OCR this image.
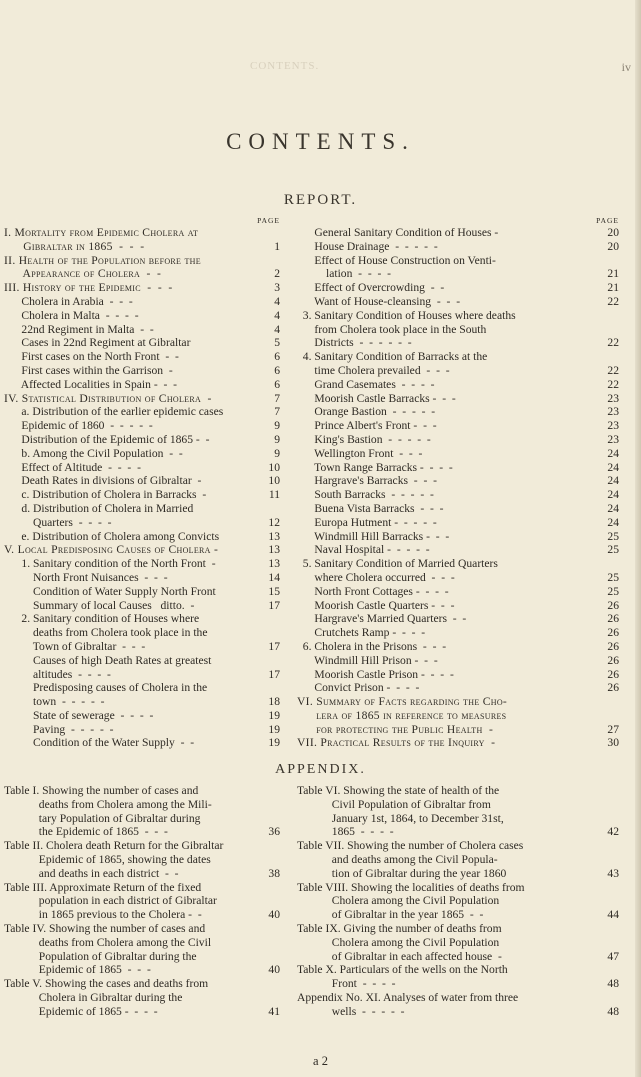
CONTENTS.	iv
CONTENTS.
REPORT.
PAGE
I. Mortality from Epidemic Cholera at
Gibraltar in 1865  -  -  -	1
II. Health of the Population before the
Appearance of Cholera  -  -	2
III. History of the Epidemic  -  -  -	3
Cholera in Arabia  -  -  -	4
Cholera in Malta  -  -  -  -	4
22nd Regiment in Malta  -  -	4
Cases in 22nd Regiment at Gibraltar	5
First cases on the North Front  -  -	6
First cases within the Garrison  -	6
Affected Localities in Spain -  -  -	6
IV. Statistical Distribution of Cholera  -	7
a. Distribution of the earlier epidemic cases	7
Epidemic of 1860  -  -  -  -  -	9
Distribution of the Epidemic of 1865 -  -	9
b. Among the Civil Population  -  -	9
Effect of Altitude  -  -  -  -	10
Death Rates in divisions of Gibraltar  -	10
c. Distribution of Cholera in Barracks  -	11
d. Distribution of Cholera in Married
Quarters  -  -  -  -	12
e. Distribution of Cholera among Convicts	13
V. Local Predisposing Causes of Cholera -	13
1. Sanitary condition of the North Front  -	13
North Front Nuisances  -  -  -	14
Condition of Water Supply North Front	15
Summary of local Causes   ditto.  -	17
2. Sanitary condition of Houses where
deaths from Cholera took place in the
Town of Gibraltar  -  -  -	17
Causes of high Death Rates at greatest
altitudes  -  -  -  -	17
Predisposing causes of Cholera in the
town  -  -  -  -  -	18
State of sewerage  -  -  -  -	19
Paving  -  -  -  -  -	19
Condition of the Water Supply  -  -	19
PAGE
General Sanitary Condition of Houses -	20
House Drainage  -  -  -  -  -	20
Effect of House Construction on Venti-
lation  -  -  -  -	21
Effect of Overcrowding  -  -	21
Want of House-cleansing  -  -  -	22
3. Sanitary Condition of Houses where deaths
from Cholera took place in the South
Districts  -  -  -  -  -  -	22
4. Sanitary Condition of Barracks at the
time Cholera prevailed  -  -  -	22
Grand Casemates  -  -  -  -	22
Moorish Castle Barracks -  -  -	23
Orange Bastion  -  -  -  -  -	23
Prince Albert's Front -  -  -	23
King's Bastion  -  -  -  -  -	23
Wellington Front  -  -  -	24
Town Range Barracks -  -  -  -	24
Hargrave's Barracks  -  -  -	24
South Barracks  -  -  -  -  -	24
Buena Vista Barracks  -  -  -	24
Europa Hutment -  -  -  -  -	24
Windmill Hill Barracks -  -  -	25
Naval Hospital -  -  -  -  -	25
5. Sanitary Condition of Married Quarters
where Cholera occurred  -  -  -	25
North Front Cottages -  -  -  -	25
Moorish Castle Quarters -  -  -	26
Hargrave's Married Quarters  -  -	26
Crutchets Ramp -  -  -  -	26
6. Cholera in the Prisons  -  -  -	26
Windmill Hill Prison -  -  -	26
Moorish Castle Prison -  -  -  -	26
Convict Prison -  -  -  -	26
VI. Summary of Facts regarding the Cho-
lera of 1865 in reference to measures
for protecting the Public Health  -	27
VII. Practical Results of the Inquiry  -	30
APPENDIX.
Table I. Showing the number of cases and
deaths from Cholera among the Mili-
tary Population of Gibraltar during
the Epidemic of 1865  -  -  -	36
Table II. Cholera death Return for the Gibraltar
Epidemic of 1865, showing the dates
and deaths in each district  -  -	38
Table III. Approximate Return of the fixed
population in each district of Gibraltar
in 1865 previous to the Cholera -  -	40
Table IV. Showing the number of cases and
deaths from Cholera among the Civil
Population of Gibraltar during the
Epidemic of 1865  -  -  -	40
Table V. Showing the cases and deaths from
Cholera in Gibraltar during the
Epidemic of 1865 -  -  -  -	41
Table VI. Showing the state of health of the
Civil Population of Gibraltar from
January 1st, 1864, to December 31st,
1865  -  -  -  -	42
Table VII. Showing the number of Cholera cases
and deaths among the Civil Popula-
tion of Gibraltar during the year 1860	43
Table VIII. Showing the localities of deaths from
Cholera among the Civil Population
of Gibraltar in the year 1865  -  -	44
Table IX. Giving the number of deaths from
Cholera among the Civil Population
of Gibraltar in each affected house  -	47
Table X. Particulars of the wells on the North
Front  -  -  -  -	48
Appendix No. XI. Analyses of water from three
wells  -  -  -  -  -	48
a 2
